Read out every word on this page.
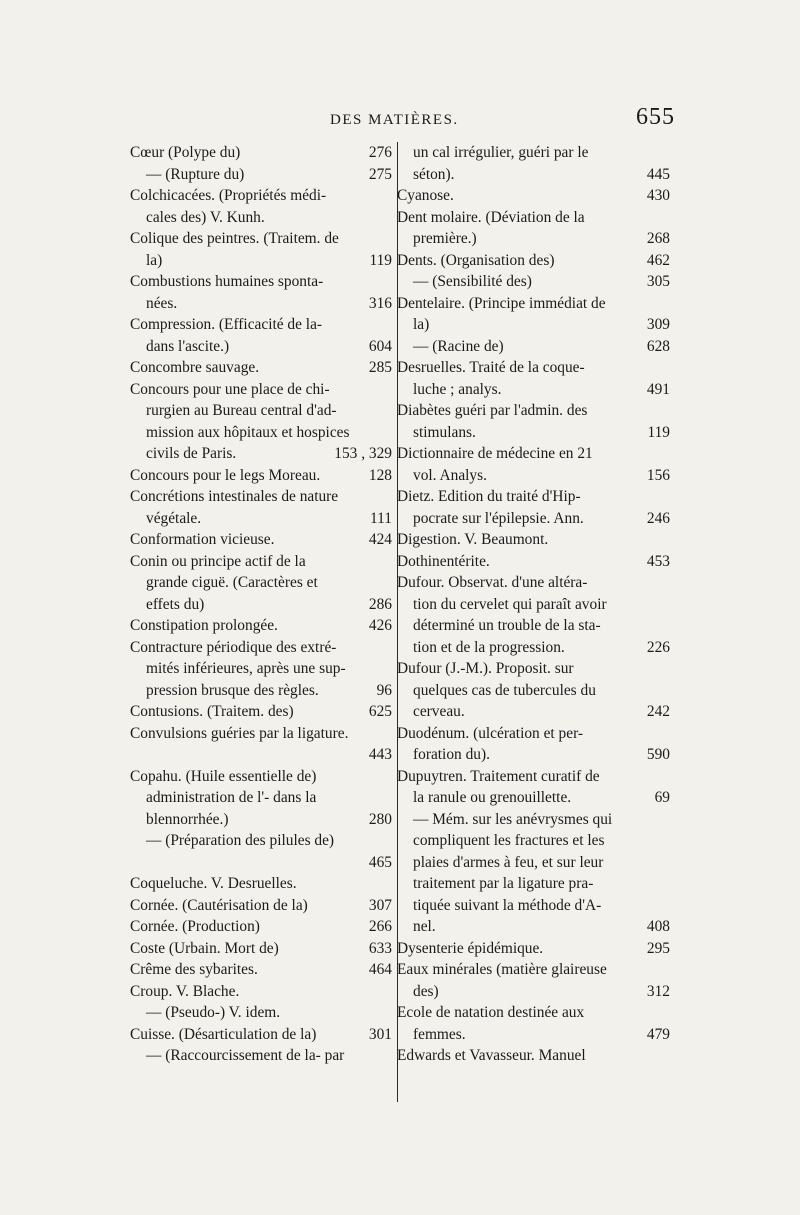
DES MATIÈRES.	655
Cœur (Polype du)	276
— (Rupture du)	275
Colchicacées. (Propriétés médi-
cales des) V. Kunh.
Colique des peintres. (Traitem. de
la)	119
Combustions humaines sponta-
nées.	316
Compression. (Efficacité de la-
dans l'ascite.)	604
Concombre sauvage.	285
Concours pour une place de chi-
rurgien au Bureau central d'ad-
mission aux hôpitaux et hospices
civils de Paris.	153 , 329
Concours pour le legs Moreau.	128
Concrétions intestinales de nature
végétale.	111
Conformation vicieuse.	424
Conin ou principe actif de la
grande ciguë. (Caractères et
effets du)	286
Constipation prolongée.	426
Contracture périodique des extré-
mités inférieures, après une sup-
pression brusque des règles.	96
Contusions. (Traitem. des)	625
Convulsions guéries par la ligature.
443
Copahu. (Huile essentielle de)
administration de l'- dans la
blennorrhée.)	280
— (Préparation des pilules de)
465
Coqueluche. V. Desruelles.
Cornée. (Cautérisation de la)	307
Cornée. (Production)	266
Coste (Urbain. Mort de)	633
Crême des sybarites.	464
Croup. V. Blache.
— (Pseudo-) V. idem.
Cuisse. (Désarticulation de la)	301
— (Raccourcissement de la- par
un cal irrégulier, guéri par le
séton).	445
Cyanose.	430
Dent molaire. (Déviation de la
première.)	268
Dents. (Organisation des)	462
— (Sensibilité des)	305
Dentelaire. (Principe immédiat de
la)	309
— (Racine de)	628
Desruelles. Traité de la coque-
luche ; analys.	491
Diabètes guéri par l'admin. des
stimulans.	119
Dictionnaire de médecine en 21
vol. Analys.	156
Dietz. Edition du traité d'Hip-
pocrate sur l'épilepsie. Ann.	246
Digestion. V. Beaumont.
Dothinentérite.	453
Dufour. Observat. d'une altéra-
tion du cervelet qui paraît avoir
déterminé un trouble de la sta-
tion et de la progression.	226
Dufour (J.-M.). Proposit. sur
quelques cas de tubercules du
cerveau.	242
Duodénum. (ulcération et per-
foration du).	590
Dupuytren. Traitement curatif de
la ranule ou grenouillette.	69
— Mém. sur les anévrysmes qui
compliquent les fractures et les
plaies d'armes à feu, et sur leur
traitement par la ligature pra-
tiquée suivant la méthode d'A-
nel.	408
Dysenterie épidémique.	295
Eaux minérales (matière glaireuse
des)	312
Ecole de natation destinée aux
femmes.	479
Edwards et Vavasseur. Manuel
